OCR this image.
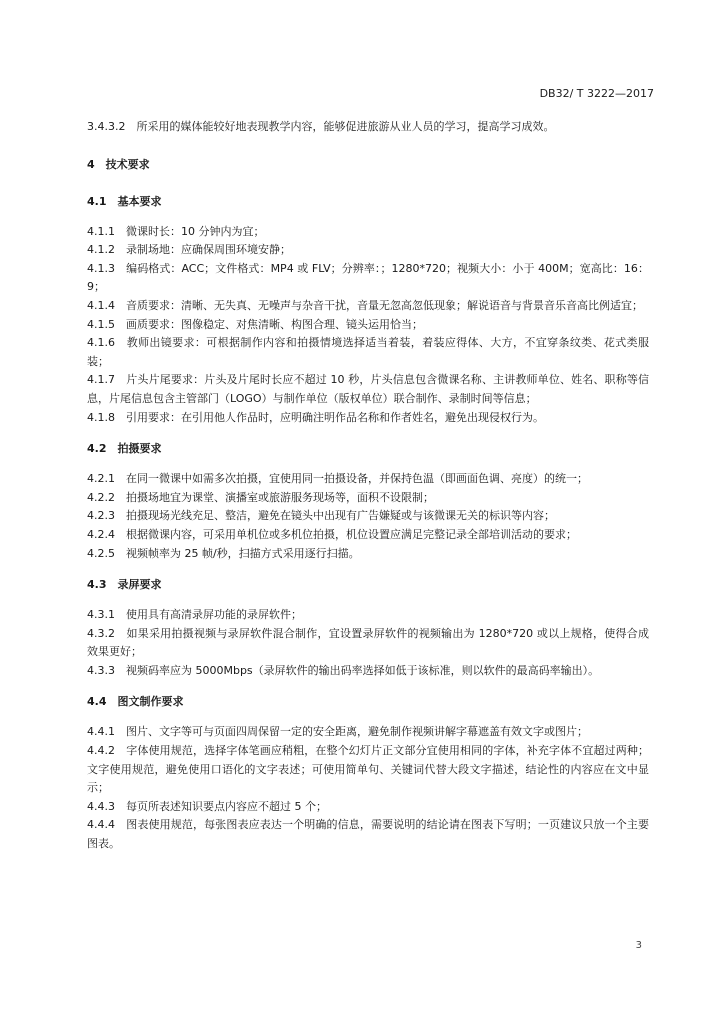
DB32/ T 3222—2017

3.4.3.2　所采用的媒体能较好地表现教学内容，能够促进旅游从业人员的学习，提高学习成效。

4　技术要求

4.1　基本要求

4.1.1　微课时长：10 分钟内为宜；

4.1.2　录制场地：应确保周围环境安静；

4.1.3　编码格式：ACC；文件格式：MP4 或 FLV；分辨率：；1280*720；视频大小：小于 400M；宽高比：16：9；

4.1.4　音质要求：清晰、无失真、无噪声与杂音干扰，音量无忽高忽低现象；解说语音与背景音乐音高比例适宜；

4.1.5　画质要求：图像稳定、对焦清晰、构图合理、镜头运用恰当；

4.1.6　教师出镜要求：可根据制作内容和拍摄情境选择适当着装，着装应得体、大方，不宜穿条纹类、花式类服装；

4.1.7　片头片尾要求：片头及片尾时长应不超过 10 秒，片头信息包含微课名称、主讲教师单位、姓名、职称等信息，片尾信息包含主管部门（LOGO）与制作单位（版权单位）联合制作、录制时间等信息；

4.1.8　引用要求：在引用他人作品时，应明确注明作品名称和作者姓名，避免出现侵权行为。

4.2　拍摄要求

4.2.1　在同一微课中如需多次拍摄，宜使用同一拍摄设备，并保持色温（即画面色调、亮度）的统一；

4.2.2　拍摄场地宜为课堂、演播室或旅游服务现场等，面积不设限制；

4.2.3　拍摄现场光线充足、整洁，避免在镜头中出现有广告嫌疑或与该微课无关的标识等内容；

4.2.4　根据微课内容，可采用单机位或多机位拍摄，机位设置应满足完整记录全部培训活动的要求；

4.2.5　视频帧率为 25 帧/秒，扫描方式采用逐行扫描。

4.3　录屏要求

4.3.1　使用具有高清录屏功能的录屏软件；

4.3.2　如果采用拍摄视频与录屏软件混合制作，宜设置录屏软件的视频输出为 1280*720 或以上规格，使得合成效果更好；

4.3.3　视频码率应为 5000Mbps（录屏软件的输出码率选择如低于该标准，则以软件的最高码率输出）。

4.4　图文制作要求

4.4.1　图片、文字等可与页面四周保留一定的安全距离，避免制作视频讲解字幕遮盖有效文字或图片；

4.4.2　字体使用规范，选择字体笔画应稍粗，在整个幻灯片正文部分宜使用相同的字体，补充字体不宜超过两种；文字使用规范，避免使用口语化的文字表述；可使用简单句、关键词代替大段文字描述，结论性的内容应在文中显示；

4.4.3　每页所表述知识要点内容应不超过 5 个；

4.4.4　图表使用规范，每张图表应表达一个明确的信息，需要说明的结论请在图表下写明；一页建议只放一个主要图表。

3
